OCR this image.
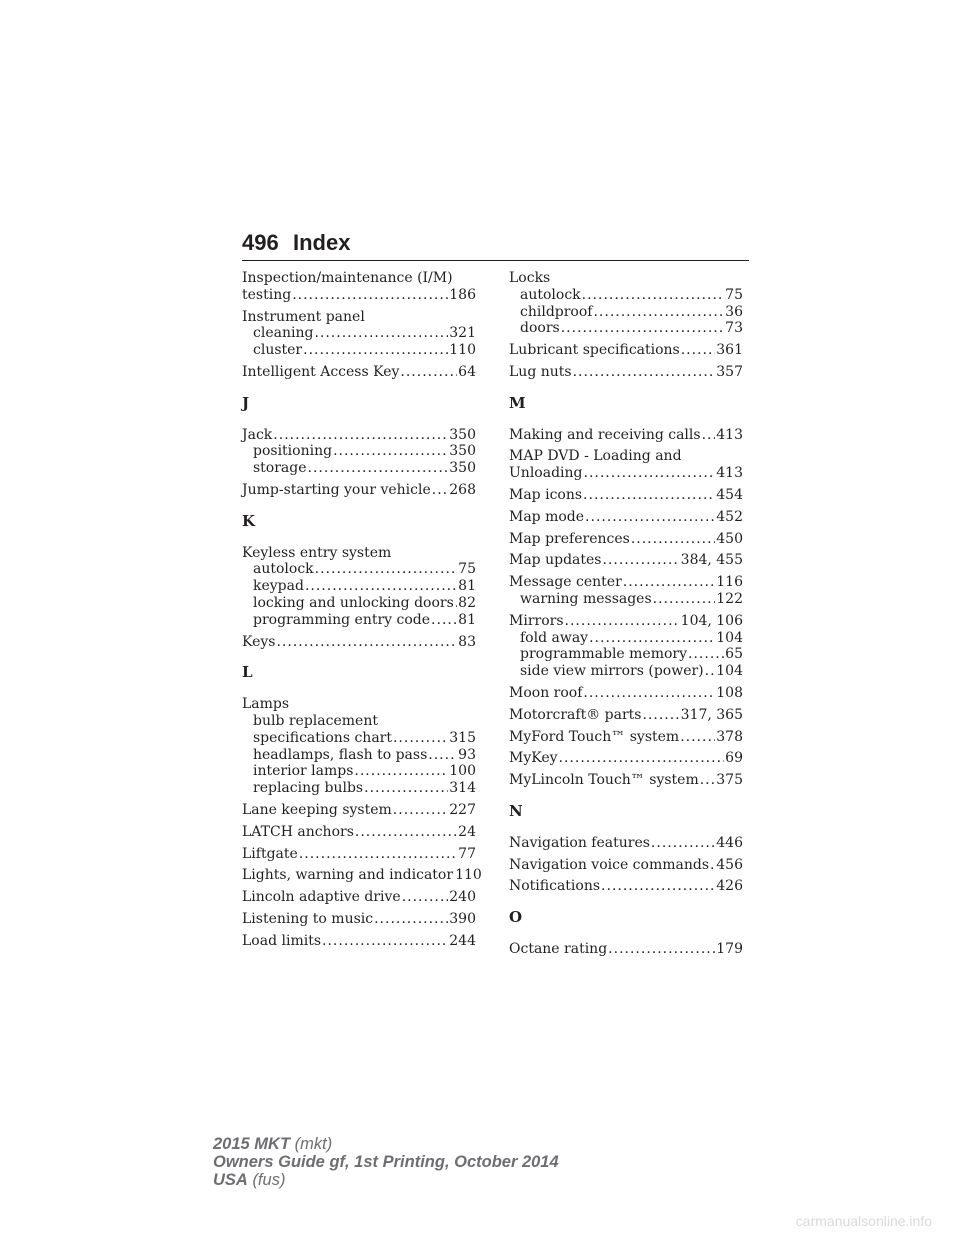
496 Index
Inspection/maintenance (I/M)
testing .....	186
Instrument panel
cleaning .....	321
cluster .....	110
Intelligent Access Key .....	64
J
Jack .....	350
positioning .....	350
storage .....	350
Jump-starting your vehicle ..... 268
K
Keyless entry system
autolock .....	75
keypad .....	81
locking and unlocking doors ..... 82
programming entry code ..... 81
Keys .....	83
L
Lamps
bulb replacement
specifications chart .....	315
headlamps, flash to pass ..... 93
interior lamps .....	100
replacing bulbs .....	314
Lane keeping system .....	227
LATCH anchors .....	24
Liftgate .....	77
Lights, warning and indicator 110
Lincoln adaptive drive .....	240
Listening to music .....	390
Load limits .....	244
Locks
autolock .....	75
childproof .....	36
doors .....	73
Lubricant specifications .....	361
Lug nuts .....	357
M
Making and receiving calls ..... 413
MAP DVD - Loading and
Unloading .....	413
Map icons .....	454
Map mode .....	452
Map preferences .....	450
Map updates .....	384, 455
Message center .....	116
warning messages .....	122
Mirrors .....	104, 106
fold away .....	104
programmable memory .....	65
side view mirrors (power) ..... 104
Moon roof .....	108
Motorcraft® parts .....	317, 365
MyFord Touch™ system .....	378
MyKey .....	69
MyLincoln Touch™ system ..... 375
N
Navigation features .....	446
Navigation voice commands ..... 456
Notifications .....	426
O
Octane rating .....	179
2015 MKT (mkt)
Owners Guide gf, 1st Printing, October 2014
USA (fus)
carmanualsonline.info
